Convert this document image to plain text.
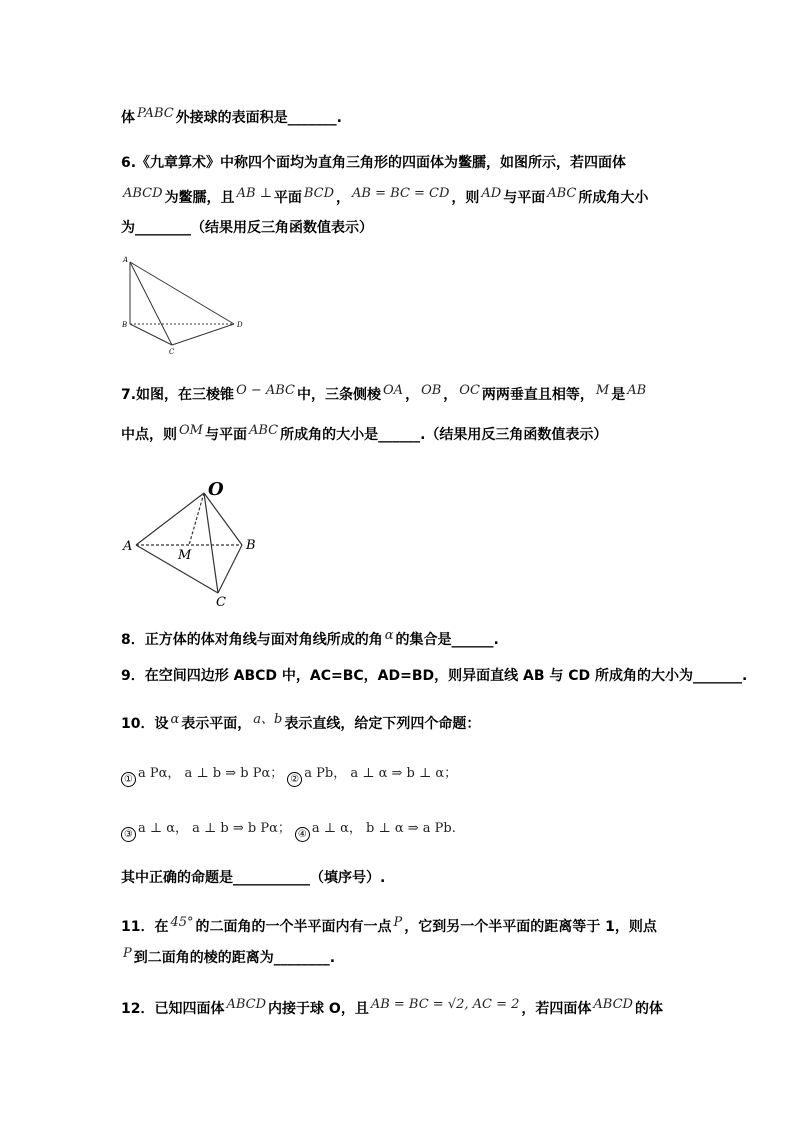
体 PABC 外接球的表面积是_______.
6.《九章算术》中称四个面均为直角三角形的四面体为鳖臑，如图所示，若四面体
ABCD 为鳖臑，且 AB ⊥ 平面 BCD ， AB = BC = CD ，则 AD 与平面 ABC 所成角大小
为________（结果用反三角函数值表示）
A
B
C
D
7.如图，在三棱锥 O − ABC 中，三条侧棱 OA ， OB ， OC 两两垂直且相等， M 是 AB
中点，则 OM 与平面 ABC 所成角的大小是______.（结果用反三角函数值表示）
O
A	B
C
M
8．正方体的体对角线与面对角线所成的角 α 的集合是______.
9．在空间四边形 ABCD 中，AC=BC，AD=BD，则异面直线 AB 与 CD 所成角的大小为_______.
10．设 α 表示平面， a、b 表示直线，给定下列四个命题：
① a Pα， a ⊥ b ⇒ b Pα； ② a Pb， a ⊥ α ⇒ b ⊥ α；
③ a ⊥ α， a ⊥ b ⇒ b Pα； ④ a ⊥ α， b ⊥ α ⇒ a Pb.
其中正确的命题是___________（填序号）.
11．在 45° 的二面角的一个半平面内有一点 P ，它到另一个半平面的距离等于 1，则点
P 到二面角的棱的距离为________.
12．已知四面体 ABCD 内接于球 O，且 AB = BC = √2, AC = 2 ，若四面体 ABCD 的体
